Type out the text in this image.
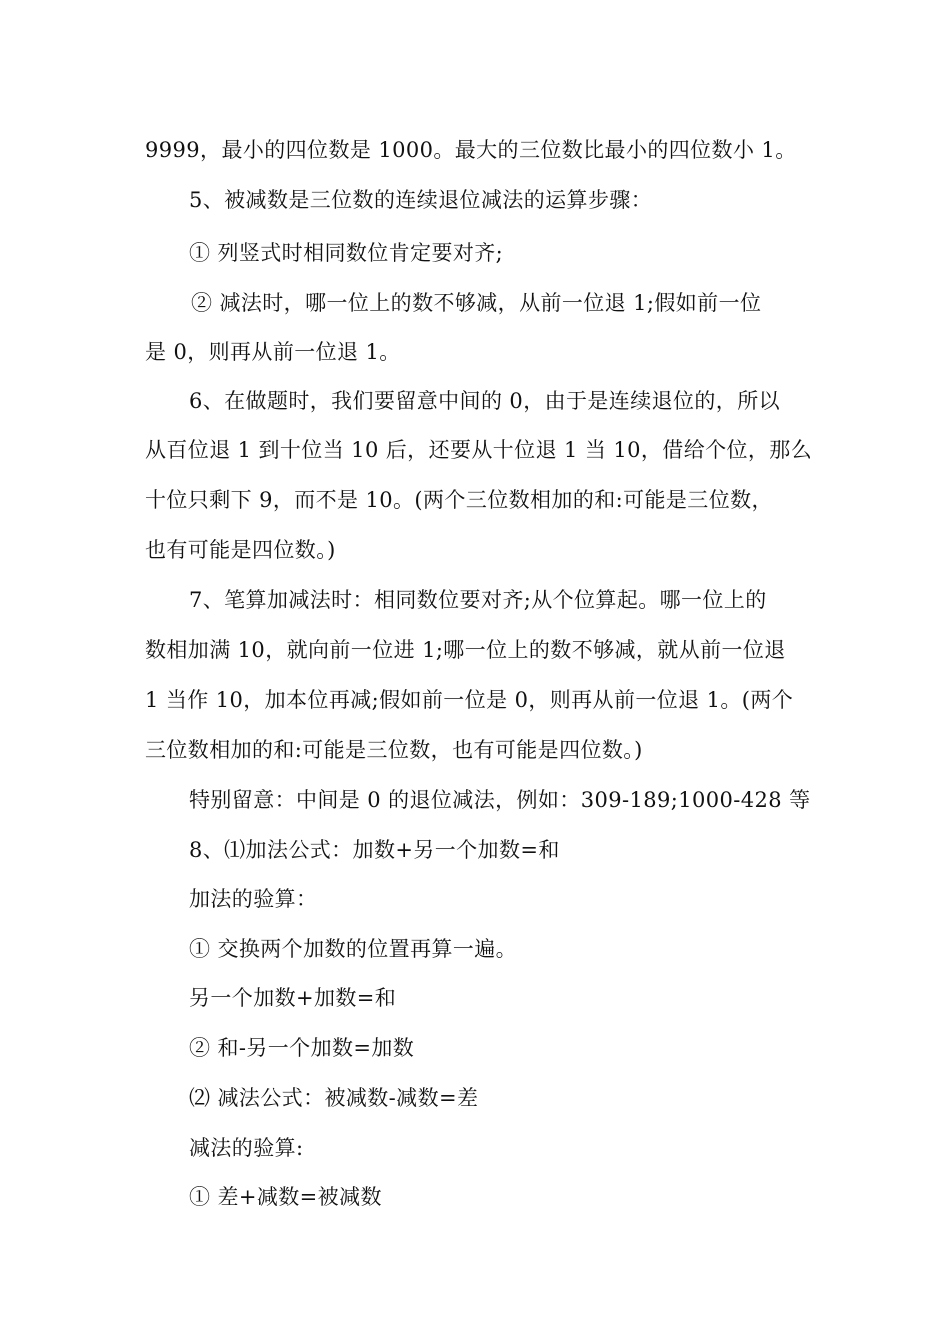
9999，最小的四位数是 1000。最大的三位数比最小的四位数小 1。
5、被减数是三位数的连续退位减法的运算步骤：
① 列竖式时相同数位肯定要对齐;
② 减法时，哪一位上的数不够减，从前一位退 1;假如前一位
是 0，则再从前一位退 1。
6、在做题时，我们要留意中间的 0，由于是连续退位的，所以
从百位退 1 到十位当 10 后，还要从十位退 1 当 10，借给个位，那么
十位只剩下 9，而不是 10。(两个三位数相加的和:可能是三位数，
也有可能是四位数。)
7、笔算加减法时：相同数位要对齐;从个位算起。哪一位上的
数相加满 10，就向前一位进 1;哪一位上的数不够减，就从前一位退
1 当作 10，加本位再减;假如前一位是 0，则再从前一位退 1。(两个
三位数相加的和:可能是三位数，也有可能是四位数。)
特别留意：中间是 0 的退位减法，例如：309-189;1000-428 等
8、⑴加法公式：加数+另一个加数=和
加法的验算：
① 交换两个加数的位置再算一遍。
另一个加数+加数=和
② 和-另一个加数=加数
⑵ 减法公式：被减数-减数=差
减法的验算:
① 差+减数=被减数
